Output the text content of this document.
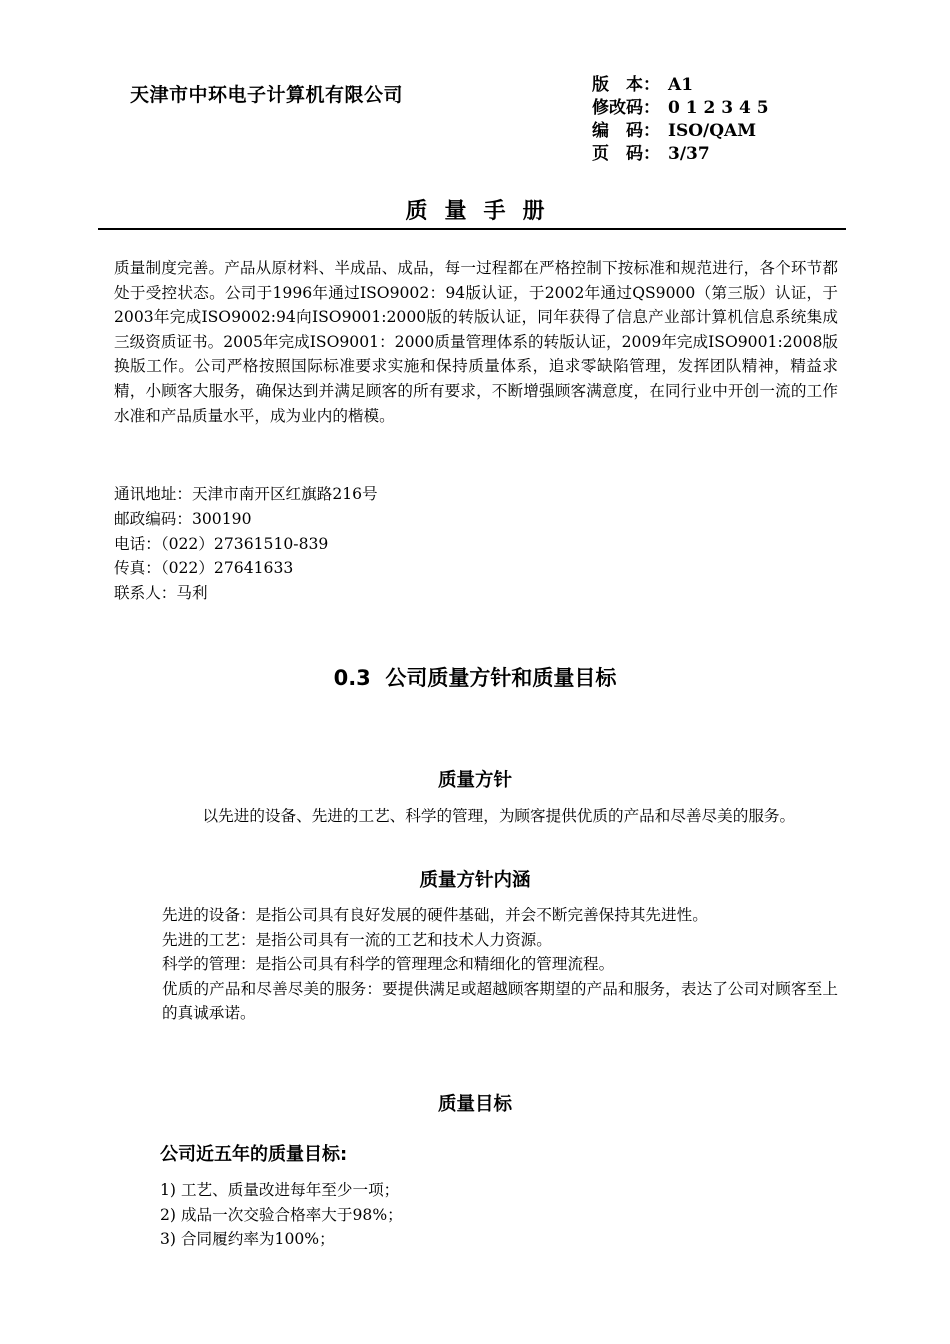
天津市中环电子计算机有限公司	版　本： A1
修改码： 0 1 2 3 4 5
编　码： ISO/QAM
页　码： 3/37
质量手册
质量制度完善。产品从原材料、半成品、成品，每一过程都在严格控制下按标准和规范进行，各个环节都处于受控状态。公司于1996年通过ISO9002：94版认证，于2002年通过QS9000（第三版）认证，于2003年完成ISO9002:94向ISO9001:2000版的转版认证，同年获得了信息产业部计算机信息系统集成三级资质证书。2005年完成ISO9001：2000质量管理体系的转版认证，2009年完成ISO9001:2008版换版工作。公司严格按照国际标准要求实施和保持质量体系，追求零缺陷管理，发挥团队精神，精益求精，小顾客大服务，确保达到并满足顾客的所有要求，不断增强顾客满意度，在同行业中开创一流的工作水准和产品质量水平，成为业内的楷模。
通讯地址：天津市南开区红旗路216号
邮政编码：300190
电话：（022）27361510-839
传真：（022）27641633
联系人：马利
0.3  公司质量方针和质量目标
质量方针
以先进的设备、先进的工艺、科学的管理，为顾客提供优质的产品和尽善尽美的服务。
质量方针内涵
先进的设备：是指公司具有良好发展的硬件基础，并会不断完善保持其先进性。
先进的工艺：是指公司具有一流的工艺和技术人力资源。
科学的管理：是指公司具有科学的管理理念和精细化的管理流程。
优质的产品和尽善尽美的服务：要提供满足或超越顾客期望的产品和服务，表达了公司对顾客至上的真诚承诺。
质量目标
公司近五年的质量目标:
1) 工艺、质量改进每年至少一项；
2) 成品一次交验合格率大于98%；
3) 合同履约率为100%；
